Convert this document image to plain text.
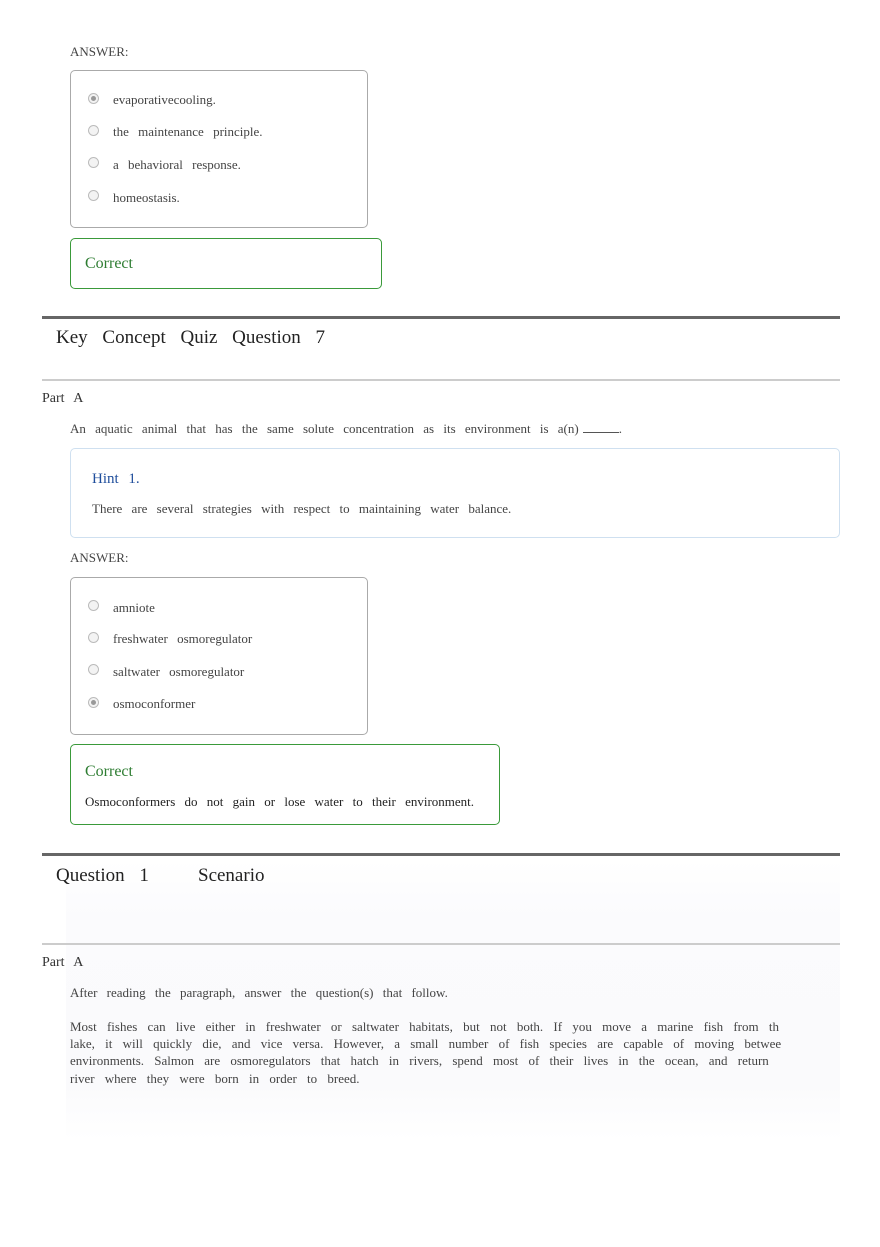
ANSWER:
evaporativecooling.
the maintenance principle.
a behavioral response.
homeostasis.
Correct
Key Concept Quiz Question 7
Part A
An aquatic animal that has the same solute concentration as its environment is a(n)	.
Hint 1.
There are several strategies with respect to maintaining water balance.
ANSWER:
amniote
freshwater osmoregulator
saltwater osmoregulator
osmoconformer
Correct
Osmoconformers do not gain or lose water to their environment.
Question 1	Scenario
Part A
After reading the paragraph, answer the question(s) that follow.
Most fishes can live either in freshwater or saltwater habitats, but not both. If you move a marine fish from th
lake, it will quickly die, and vice versa. However, a small number of fish species are capable of moving betwee
environments. Salmon are osmoregulators that hatch in rivers, spend most of their lives in the ocean, and return
river where they were born in order to breed.
